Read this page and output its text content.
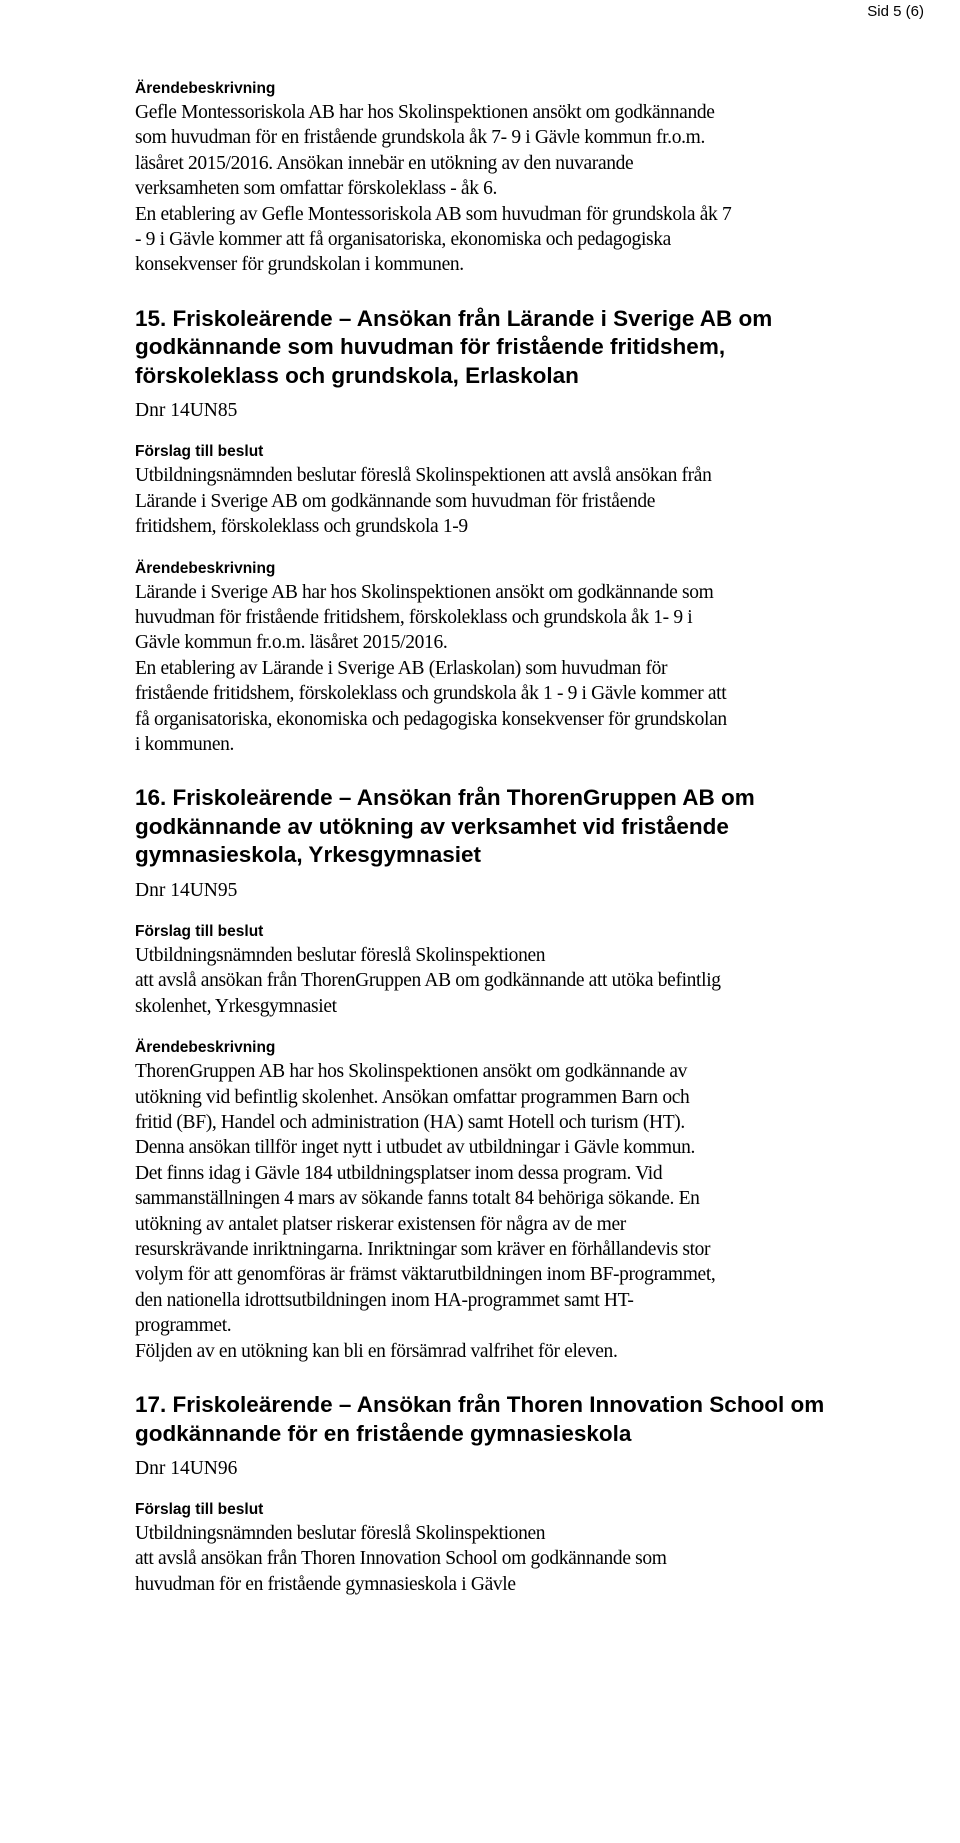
Sid 5 (6)

Ärendebeskrivning

Gefle Montessoriskola AB har hos Skolinspektionen ansökt om godkännande
som huvudman för en fristående grundskola åk 7- 9 i Gävle kommun fr.o.m.
läsåret 2015/2016. Ansökan innebär en utökning av den nuvarande
verksamheten som omfattar förskoleklass - åk 6.
En etablering av Gefle Montessoriskola AB som huvudman för grundskola åk 7
- 9 i Gävle kommer att få organisatoriska, ekonomiska och pedagogiska
konsekvenser för grundskolan i kommunen.

15. Friskoleärende – Ansökan från Lärande i Sverige AB om
godkännande som huvudman för fristående fritidshem,
förskoleklass och grundskola, Erlaskolan

Dnr 14UN85

Förslag till beslut

Utbildningsnämnden beslutar föreslå Skolinspektionen att avslå ansökan från
Lärande i Sverige AB om godkännande som huvudman för fristående
fritidshem, förskoleklass och grundskola 1-9

Ärendebeskrivning

Lärande i Sverige AB har hos Skolinspektionen ansökt om godkännande som
huvudman för fristående fritidshem, förskoleklass och grundskola åk 1- 9 i
Gävle kommun fr.o.m. läsåret 2015/2016.
En etablering av Lärande i Sverige AB (Erlaskolan) som huvudman för
fristående fritidshem, förskoleklass och grundskola åk 1 - 9 i Gävle kommer att
få organisatoriska, ekonomiska och pedagogiska konsekvenser för grundskolan
i kommunen.

16. Friskoleärende – Ansökan från ThorenGruppen AB om
godkännande av utökning av verksamhet vid fristående
gymnasieskola, Yrkesgymnasiet

Dnr 14UN95

Förslag till beslut

Utbildningsnämnden beslutar föreslå Skolinspektionen
att avslå ansökan från ThorenGruppen AB om godkännande att utöka befintlig
skolenhet, Yrkesgymnasiet

Ärendebeskrivning

ThorenGruppen AB har hos Skolinspektionen ansökt om godkännande av
utökning vid befintlig skolenhet. Ansökan omfattar programmen Barn och
fritid (BF), Handel och administration (HA) samt Hotell och turism (HT).
Denna ansökan tillför inget nytt i utbudet av utbildningar i Gävle kommun.
Det finns idag i Gävle 184 utbildningsplatser inom dessa program. Vid
sammanställningen 4 mars av sökande fanns totalt 84 behöriga sökande. En
utökning av antalet platser riskerar existensen för några av de mer
resurskrävande inriktningarna. Inriktningar som kräver en förhållandevis stor
volym för att genomföras är främst väktarutbildningen inom BF-programmet,
den nationella idrottsutbildningen inom HA-programmet samt HT-
programmet.
Följden av en utökning kan bli en försämrad valfrihet för eleven.

17. Friskoleärende – Ansökan från Thoren Innovation School om
godkännande för en fristående gymnasieskola

Dnr 14UN96

Förslag till beslut

Utbildningsnämnden beslutar föreslå Skolinspektionen
att avslå ansökan från Thoren Innovation School om godkännande som
huvudman för en fristående gymnasieskola i Gävle
